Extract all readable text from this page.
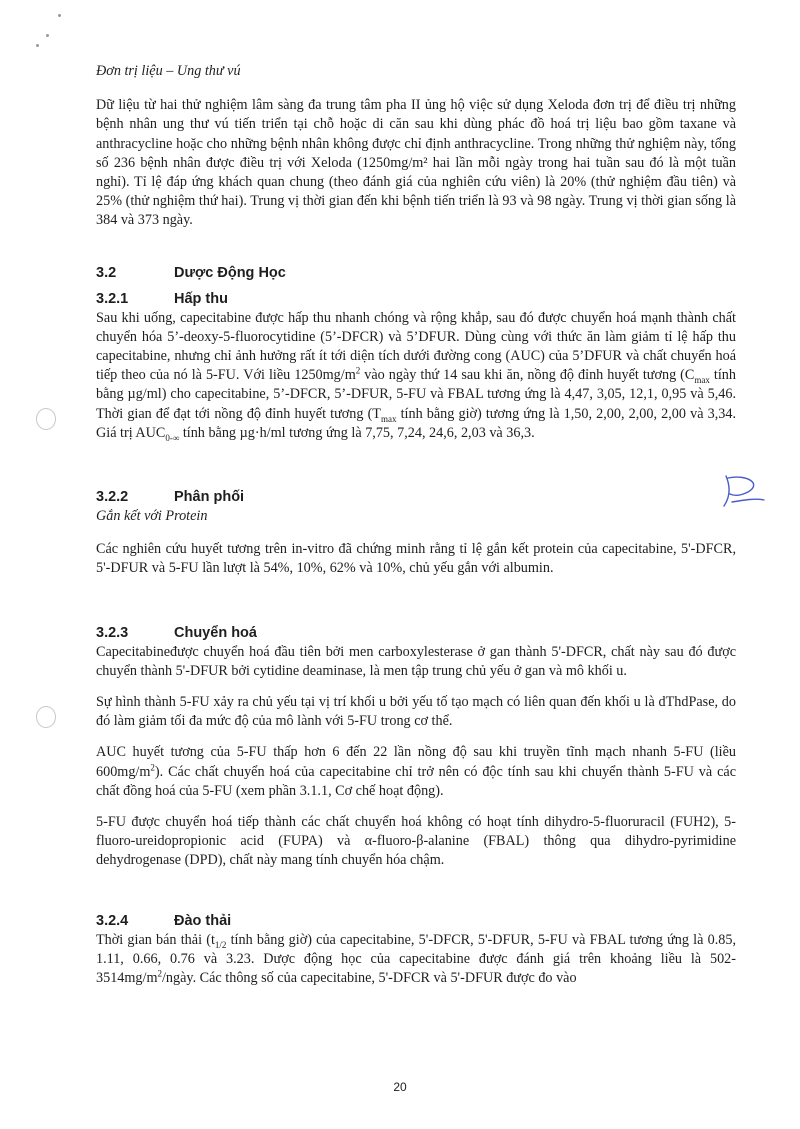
Đơn trị liệu – Ung thư vú

Dữ liệu từ hai thử nghiệm lâm sàng đa trung tâm pha II ủng hộ việc sử dụng Xeloda đơn trị để điều trị những bệnh nhân ung thư vú tiến triển tại chỗ hoặc di căn sau khi dùng phác đồ hoá trị liệu bao gồm taxane và anthracycline hoặc cho những bệnh nhân không được chỉ định anthracycline. Trong những thử nghiệm này, tổng số 236 bệnh nhân được điều trị với Xeloda (1250mg/m² hai lần mỗi ngày trong hai tuần sau đó là một tuần nghỉ). Tỉ lệ đáp ứng khách quan chung (theo đánh giá của nghiên cứu viên) là 20% (thử nghiệm đầu tiên) và 25% (thử nghiệm thứ hai). Trung vị thời gian đến khi bệnh tiến triển là 93 và 98 ngày. Trung vị thời gian sống là 384 và 373 ngày.

3.2	Dược Động Học
3.2.1	Hấp thu

Sau khi uống, capecitabine được hấp thu nhanh chóng và rộng khắp, sau đó được chuyển hoá mạnh thành chất chuyển hóa 5’-deoxy-5-fluorocytidine (5’-DFCR) và 5’DFUR. Dùng cùng với thức ăn làm giảm tỉ lệ hấp thu capecitabine, nhưng chỉ ảnh hưởng rất ít tới diện tích dưới đường cong (AUC) của 5’DFUR và chất chuyển hoá tiếp theo của nó là 5-FU. Với liều $1250mg/m^2$ vào ngày thứ 14 sau khi ăn, nồng độ đỉnh huyết tương ($C_{max}$ tính bằng µg/ml) cho capecitabine, 5’-DFCR, 5’-DFUR, 5-FU và FBAL tương ứng là 4,47, 3,05, 12,1, 0,95 và 5,46. Thời gian để đạt tới nồng độ đỉnh huyết tương ($T_{max}$ tính bằng giờ) tương ứng là 1,50, 2,00, 2,00, 2,00 và 3,34. Giá trị $AUC_{0-\infty}$ tính bằng µg·h/ml tương ứng là 7,75, 7,24, 24,6, 2,03 và 36,3.

3.2.2	Phân phối

Gắn kết với Protein

Các nghiên cứu huyết tương trên in-vitro đã chứng minh rằng tỉ lệ gắn kết protein của capecitabine, 5'-DFCR, 5'-DFUR và 5-FU lần lượt là 54%, 10%, 62% và 10%, chủ yếu gắn với albumin.

3.2.3	Chuyển hoá

Capecitabineđược chuyển hoá đầu tiên bởi men carboxylesterase ở gan thành 5'-DFCR, chất này sau đó được chuyển thành 5'-DFUR bởi cytidine deaminase, là men tập trung chủ yếu ở gan và mô khối u.

Sự hình thành 5-FU xảy ra chủ yếu tại vị trí khối u bởi yếu tố tạo mạch có liên quan đến khối u là dThdPase, do đó làm giảm tối đa mức độ của mô lành với 5-FU trong cơ thể.

AUC huyết tương của 5-FU thấp hơn 6 đến 22 lần nồng độ sau khi truyền tĩnh mạch nhanh 5-FU (liều $600mg/m^2$). Các chất chuyển hoá của capecitabine chỉ trở nên có độc tính sau khi chuyển thành 5-FU và các chất đồng hoá của 5-FU (xem phần 3.1.1, Cơ chế hoạt động).

5-FU được chuyển hoá tiếp thành các chất chuyển hoá không có hoạt tính dihydro-5-fluoruracil (FUH2), 5-fluoro-ureidopropionic acid (FUPA) và α-fluoro-β-alanine (FBAL) thông qua dihydro-pyrimidine dehydrogenase (DPD), chất này mang tính chuyển hóa chậm.

3.2.4	Đào thải

Thời gian bán thải ($t_{1/2}$ tính bằng giờ) của capecitabine, 5'-DFCR, 5'-DFUR, 5-FU và FBAL tương ứng là 0.85, 1.11, 0.66, 0.76 và 3.23. Dược động học của capecitabine được đánh giá trên khoảng liều là $502-3514mg/m^2$/ngày. Các thông số của capecitabine, 5'-DFCR và 5'-DFUR được đo vào

20
